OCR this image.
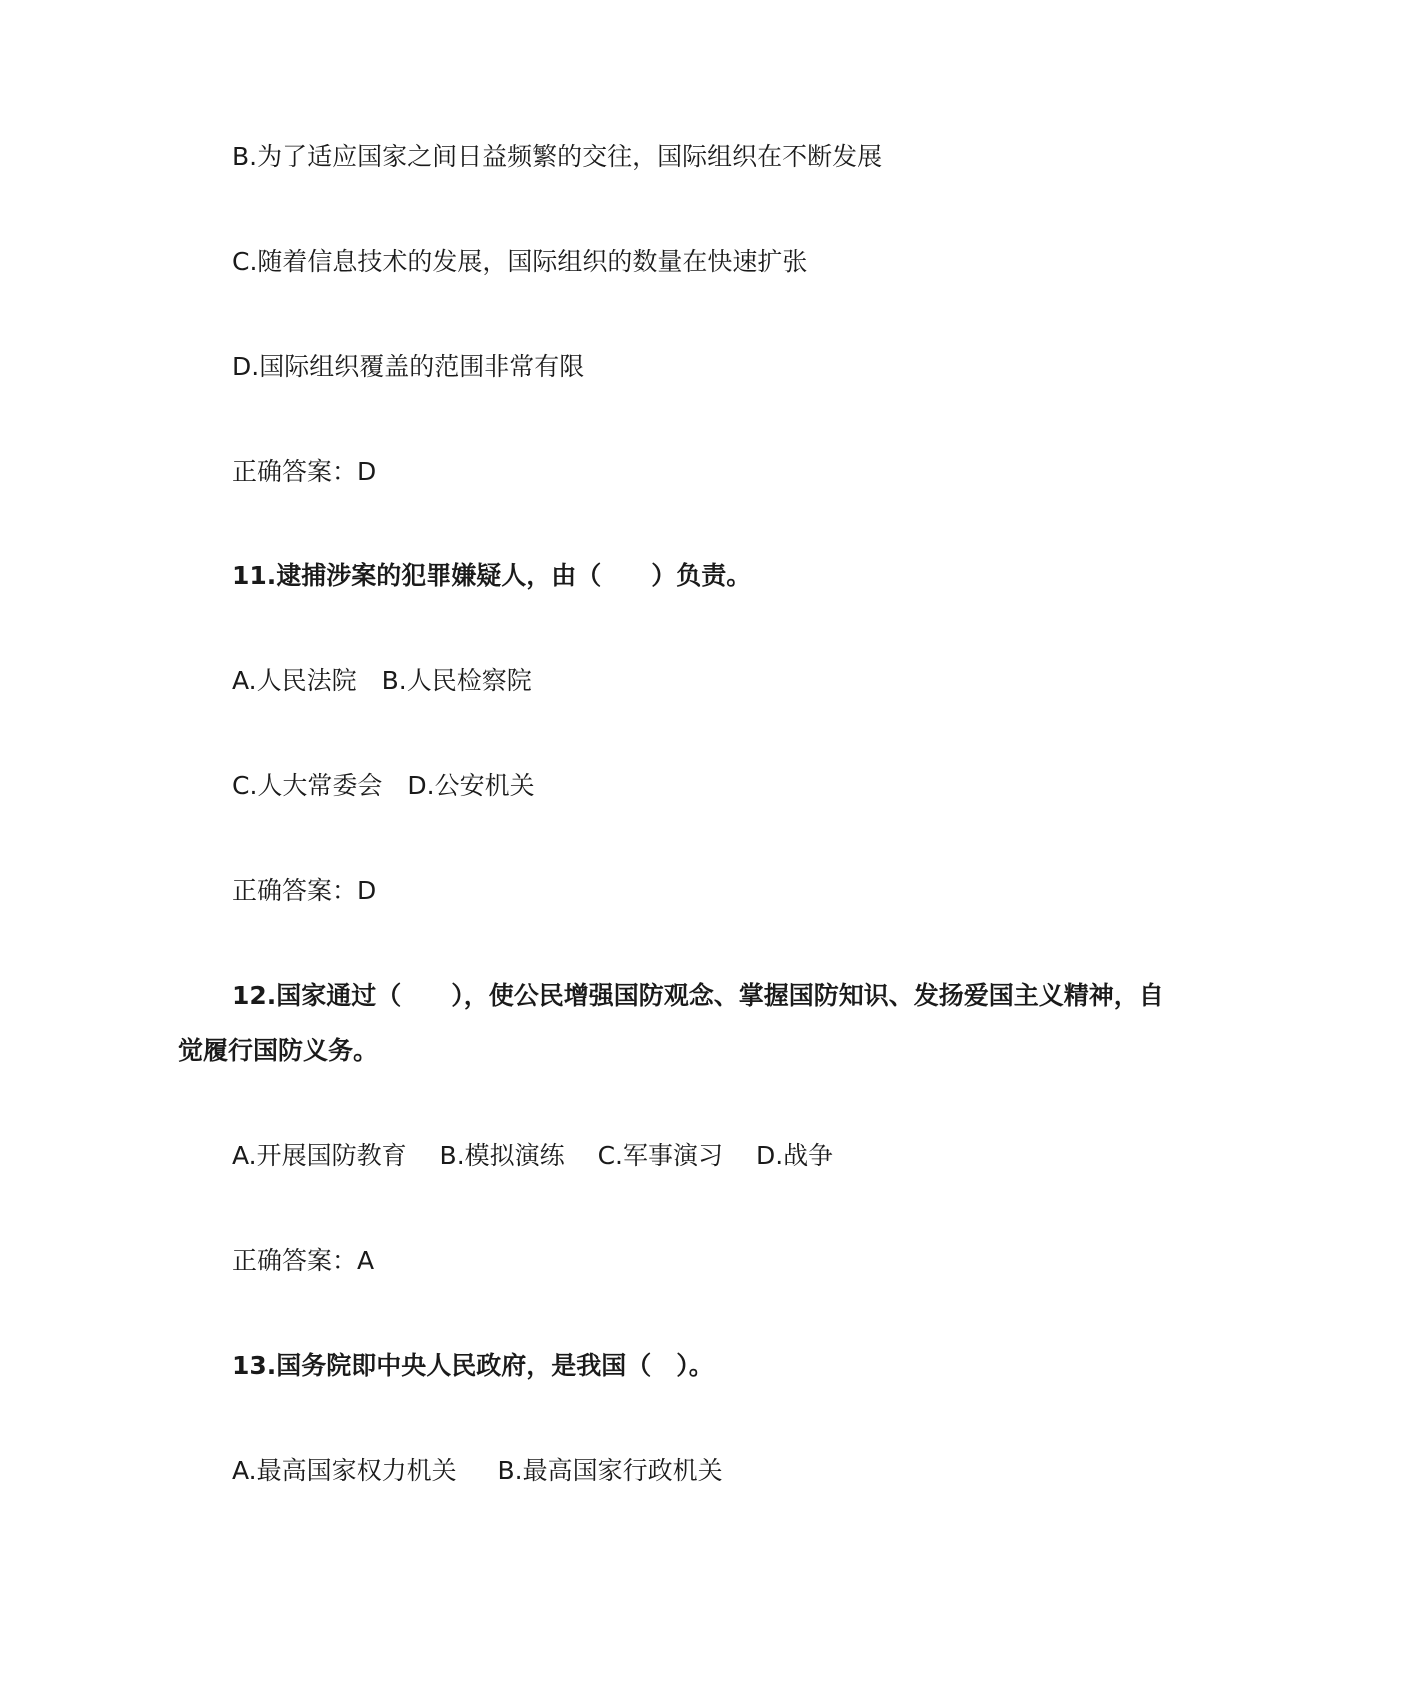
B.为了适应国家之间日益频繁的交往，国际组织在不断发展

C.随着信息技术的发展，国际组织的数量在快速扩张

D.国际组织覆盖的范围非常有限

正确答案：D

11.逮捕涉案的犯罪嫌疑人，由（　　）负责。

A.人民法院　B.人民检察院

C.人大常委会　D.公安机关

正确答案：D

12.国家通过（　　），使公民增强国防观念、掌握国防知识、发扬爱国主义精神，自

觉履行国防义务。

A.开展国防教育　 B.模拟演练　 C.军事演习　 D.战争

正确答案：A

13.国务院即中央人民政府，是我国（　）。

A.最高国家权力机关　  B.最高国家行政机关
